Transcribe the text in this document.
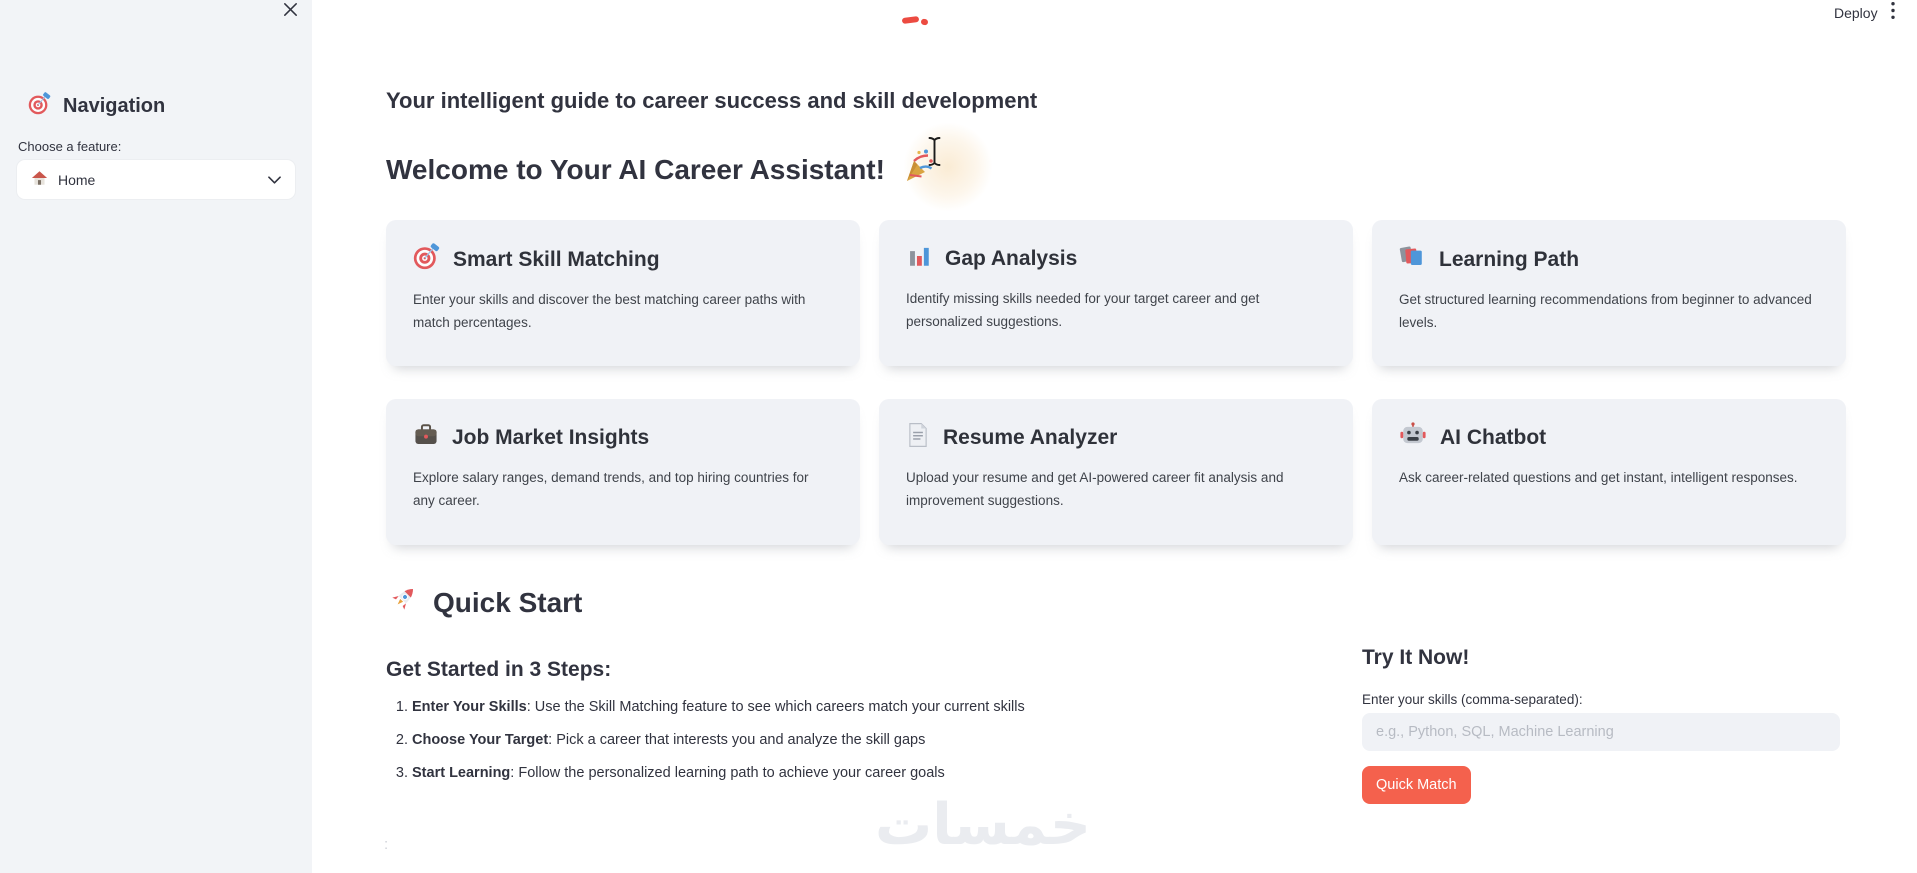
Navigation
Choose a feature:
Home
Deploy
Your intelligent guide to career success and skill development
Welcome to Your AI Career Assistant!
Smart Skill Matching
Enter your skills and discover the best matching career paths with match percentages.
Gap Analysis
Identify missing skills needed for your target career and get personalized suggestions.
Learning Path
Get structured learning recommendations from beginner to advanced levels.
Job Market Insights
Explore salary ranges, demand trends, and top hiring countries for any career.
Resume Analyzer
Upload your resume and get AI-powered career fit analysis and improvement suggestions.
AI Chatbot
Ask career-related questions and get instant, intelligent responses.
Quick Start
Get Started in 3 Steps:
1. Enter Your Skills: Use the Skill Matching feature to see which careers match your current skills
2. Choose Your Target: Pick a career that interests you and analyze the skill gaps
3. Start Learning: Follow the personalized learning path to achieve your career goals
Try It Now!
Enter your skills (comma-separated):
e.g., Python, SQL, Machine Learning
Quick Match
خمسات
:
